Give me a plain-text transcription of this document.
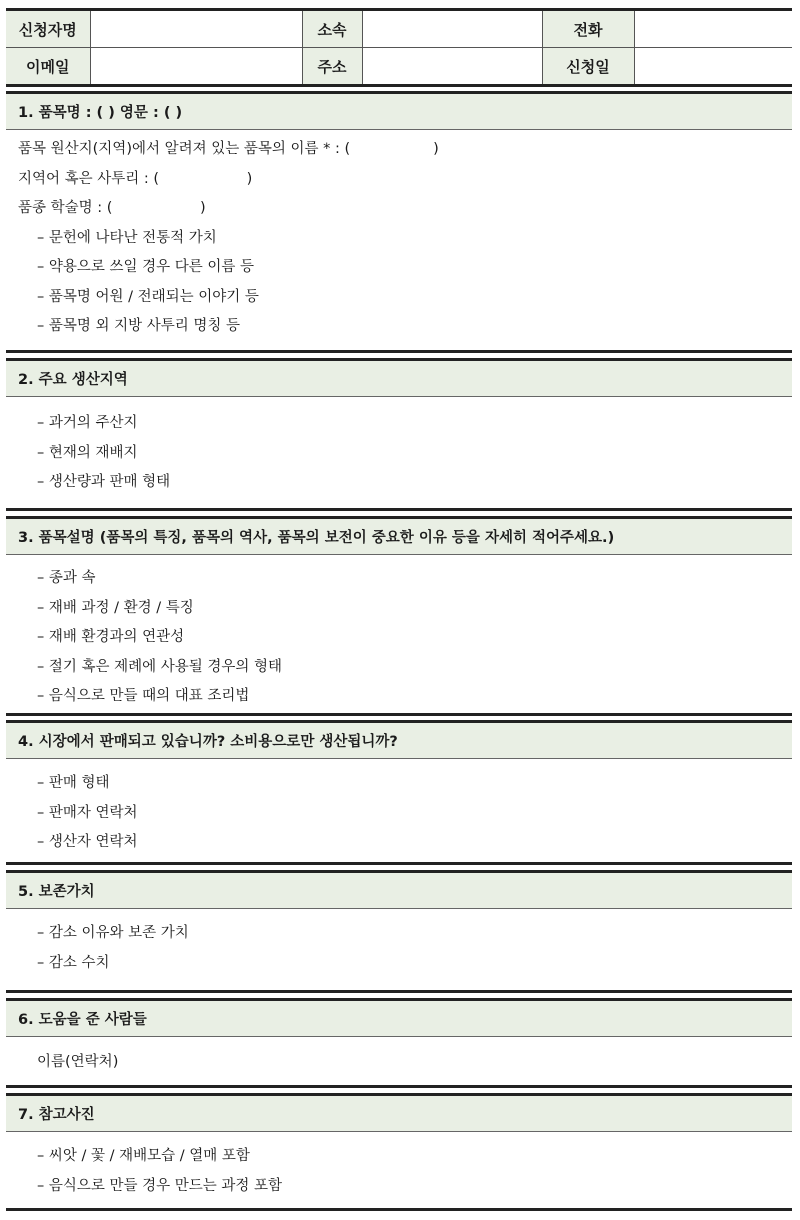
신청자명		소속		전화	
이메일		주소		신청일	
1. 품목명 : ( ) 영문 : ( )
품목 원산지(지역)에서 알려져 있는 품목의 이름 * : (                  )
지역어 혹은 사투리 : (                   )
품종 학술명 : (                   )
– 문헌에 나타난 전통적 가치
– 약용으로 쓰일 경우 다른 이름 등
– 품목명 어원 / 전래되는 이야기 등
– 품목명 외 지방 사투리 명칭 등
2. 주요 생산지역
– 과거의 주산지
– 현재의 재배지
– 생산량과 판매 형태
3. 품목설명 (품목의 특징, 품목의 역사, 품목의 보전이 중요한 이유 등을 자세히 적어주세요.)
– 종과 속
– 재배 과정 / 환경 / 특징
– 재배 환경과의 연관성
– 절기 혹은 제례에 사용될 경우의 형태
– 음식으로 만들 때의 대표 조리법
4. 시장에서 판매되고 있습니까? 소비용으로만 생산됩니까?
– 판매 형태
– 판매자 연락처
– 생산자 연락처
5. 보존가치
– 감소 이유와 보존 가치
– 감소 수치
6. 도움을 준 사람들
이름(연락처)
7. 참고사진
– 씨앗 / 꽃 / 재배모습 / 열매 포함
– 음식으로 만들 경우 만드는 과정 포함
